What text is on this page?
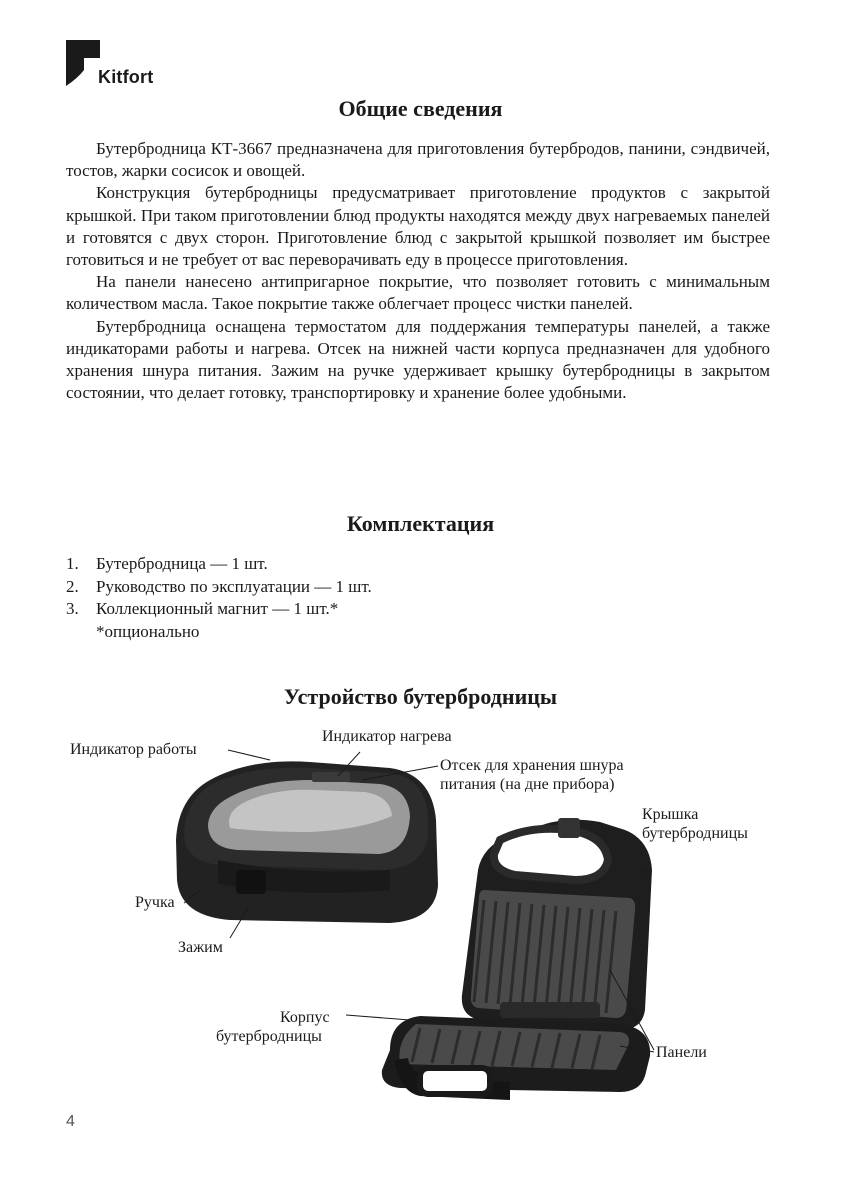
Kitfort
Общие сведения

Бутербродница КТ-3667 предназначена для приготовления бутербродов, панини, сэндвичей, тостов, жарки сосисок и овощей.

Конструкция бутербродницы предусматривает приготовление продуктов с закрытой крышкой. При таком приготовлении блюд продукты находятся между двух нагреваемых панелей и готовятся с двух сторон. Приготовление блюд с закрытой крышкой позволяет им быстрее готовиться и не требует от вас переворачивать еду в процессе приготовления.

На панели нанесено антипригарное покрытие, что позволяет готовить с минимальным количеством масла. Такое покрытие также облегчает процесс чистки панелей.

Бутербродница оснащена термостатом для поддержания температуры панелей, а также индикаторами работы и нагрева. Отсек на нижней части корпуса предназначен для удобного хранения шнура питания. Зажим на ручке удерживает крышку бутербродницы в закрытом состоянии, что делает готовку, транспортировку и хранение более удобными.

Комплектация
1.	Бутербродница — 1 шт.
2.	Руководство по эксплуатации — 1 шт.
3.	Коллекционный магнит — 1 шт.*
*опционально
Устройство бутербродницы
Индикатор работы
Индикатор нагрева
Отсек для хранения шнура
питания (на дне прибора)
Крышка
бутербродницы
Ручка
Зажим
Корпус
бутербродницы
Панели
4
